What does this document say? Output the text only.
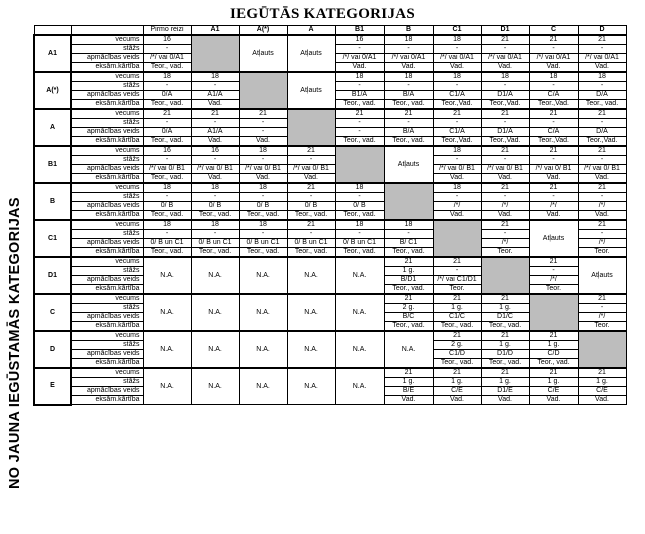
IEGŪTĀS KATEGORIJAS
NO JAUNA IEGŪSTAMĀS KATEGORIJAS
		Pirmo reizi	A1	A(*)	A	B1	B	C1	D1	C	D
A1	vecums	16		Atļauts	Atļauts	16	18	18	21	21	21
	stāžs	-				-	-	-	-	-	-
	apmācības veids	/*/ vai 0/A1				/*/ vai 0/A1	/*/ vai 0/A1	/*/ vai 0/A1	/*/ vai 0/A1	/*/ vai 0/A1	/*/ vai 0/A1
	eksām.kārtība	Teor., vad.				Vad.	Vad.	Vad.	Vad.	Vad.	Vad.
A(*)	vecums	18	18		Atļauts	18	18	18	18	18	18
	stāžs	-	-			-	-	-	-	-	-
	apmācības veids	0/A	A1/A			B1/A	B/A	C1/A	D1/A	C/A	D/A
	eksām.kārtība	Teor., vad.	Vad.			Teor., vad.	Teor., vad.	Teor.,Vad.	Teor.,Vad.	Teor.,Vad.	Teor., vad.
A	vecums	21	21	21		21	21	21	21	21	21
	stāžs	-	-	-		-	-	-	-	-	-
	apmācības veids	0/A	A1/A	-		-	B/A	C1/A	D1/A	C/A	D/A
	eksām.kārtība	Teor., vad.	Vad.	Vad.		Teor., vad.	Teor., vad.	Teor.,Vad.	Teor.,Vad.	Teor.,Vad.	Teor.,Vad.
B1	vecums	16	16	18	21		Atļauts	18	21	21	21
	stāžs	-	-	-	-			-	-	-	-
	apmācības veids	/*/ vai 0/ B1	/*/ vai 0/ B1	/*/ vai 0/ B1	/*/ vai 0/ B1			/*/ vai 0/ B1	/*/ vai 0/ B1	/*/ vai 0/ B1	/*/ vai 0/ B1
	eksām.kārtība	Teor., vad.	Vad.	Vad.	Vad.			Vad.	Vad.	Vad.	Vad.
B	vecums	18	18	18	21	18		18	21	21	21
	stāžs	-	-	-	-	-		-	-	-	-
	apmācības veids	0/ B	0/ B	0/ B	0/ B	0/ B		/*/	/*/	/*/	/*/
	eksām.kārtība	Teor., vad.	Teor., vad.	Teor., vad.	Teor., vad.	Teor., vad.		Vad.	Vad.	Vad.	Vad.
C1	vecums	18	18	18	21	18	18		21	Atļauts	21
	stāžs	-	-	-	-	-	-		-		-
	apmācības veids	0/ B un C1	0/ B un C1	0/ B un C1	0/ B un C1	0/ B un C1	B/ C1		/*/		/*/
	eksām.kārtība	Teor., vad.	Teor., vad.	Teor., vad.	Teor., vad.	Teor., vad.	Teor., vad.		Teor.		Teor.
D1	vecums	N.A.	N.A.	N.A.	N.A.	N.A.	21	21		21	Atļauts
	stāžs						1 g.	-		-	
	apmācības veids						B/D1	/*/ vai C1/D1		/*/	
	eksām.kārtība						Teor., vad.	Teor.		Teor.	
C	vecums	N.A.	N.A.	N.A.	N.A.	N.A.	21	21	21		21
	stāžs						2 g.	1 g.	1 g.		-
	apmācības veids						B/C	C1/C	D1/C		/*/
	eksām.kārtība						Teor., vad.	Teor., vad.	Teor., vad.		Teor.
D	vecums	N.A.	N.A.	N.A.	N.A.	N.A.	N.A.	21	21	21	
	stāžs							2 g.	1 g.	1 g.	
	apmācības veids							C1/D	D1/D	C/D	
	eksām.kārtība							Teor., vad.	Teor., vad.	Teor., vad.	
E	vecums	N.A.	N.A.	N.A.	N.A.	N.A.	21	21	21	21	21
	stāžs						1 g.	1 g.	1 g.	1 g.	1 g.
	apmācības veids						B/E	C/E	D1/E	C/E	C/E
	eksām.kārtība						Vad.	Vad.	Vad.	Vad.	Vad.
